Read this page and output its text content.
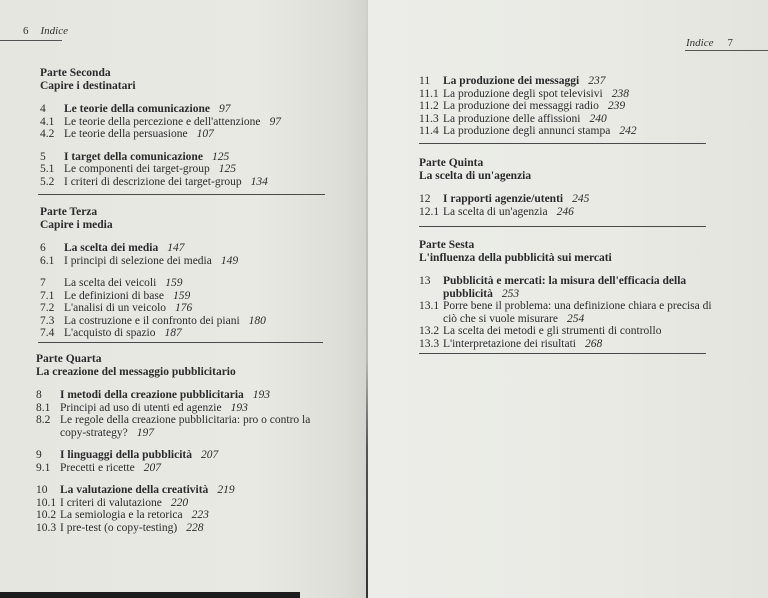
6 Indice
Indice 7
Parte Seconda
Capire i destinatari
4	Le teorie della comunicazione 97
4.1 Le teorie della percezione e dell'attenzione 97
4.2 Le teorie della persuasione 107
5	I target della comunicazione 125
5.1 Le componenti dei target-group 125
5.2 I criteri di descrizione dei target-group 134
Parte Terza
Capire i media
6	La scelta dei media 147
6.1 I principi di selezione dei media 149
7	La scelta dei veicoli 159
7.1 Le definizioni di base 159
7.2 L'analisi di un veicolo 176
7.3 La costruzione e il confronto dei piani 180
7.4 L'acquisto di spazio 187
Parte Quarta
La creazione del messaggio pubblicitario
8	I metodi della creazione pubblicitaria 193
8.1 Principi ad uso di utenti ed agenzie 193
8.2 Le regole della creazione pubblicitaria: pro o contro la
copy-strategy? 197
9	I linguaggi della pubblicità 207
9.1 Precetti e ricette 207
10	La valutazione della creatività 219
10.1 I criteri di valutazione 220
10.2 La semiologia e la retorica 223
10.3 I pre-test (o copy-testing) 228
11	La produzione dei messaggi 237
11.1 La produzione degli spot televisivi 238
11.2 La produzione dei messaggi radio 239
11.3 La produzione delle affissioni 240
11.4 La produzione degli annunci stampa 242
Parte Quinta
La scelta di un'agenzia
12	I rapporti agenzie/utenti 245
12.1 La scelta di un'agenzia 246
Parte Sesta
L'influenza della pubblicità sui mercati
13	Pubblicità e mercati: la misura dell'efficacia della
pubblicità 253
13.1 Porre bene il problema: una definizione chiara e precisa di
ciò che si vuole misurare 254
13.2 La scelta dei metodi e gli strumenti di controllo
13.3 L'interpretazione dei risultati 268
